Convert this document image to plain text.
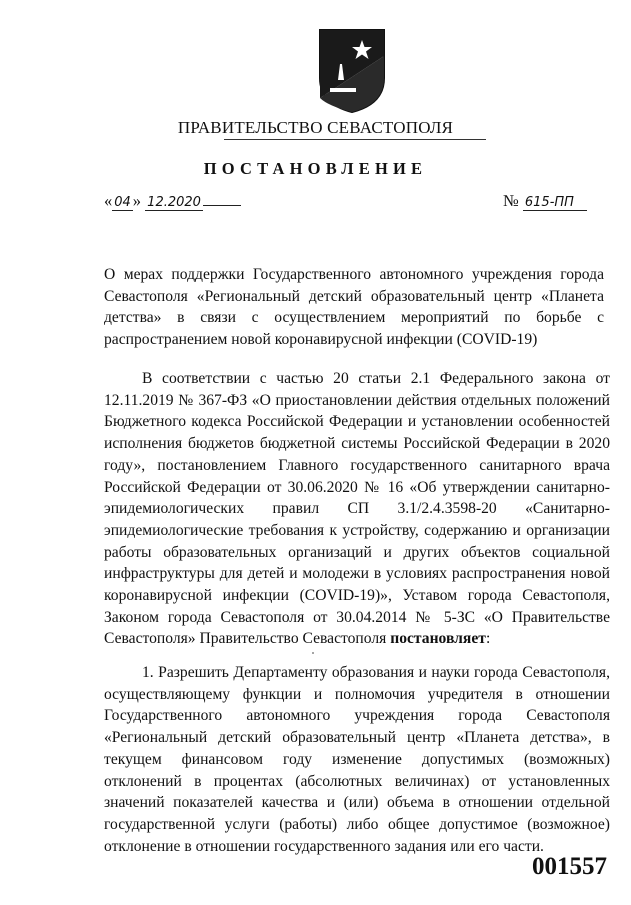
ПРАВИТЕЛЬСТВО СЕВАСТОПОЛЯ
ПОСТАНОВЛЕНИЕ
« 04 » 12.2020	№ 615-ПП
О мерах поддержки Государственного автономного учреждения города Севастополя «Региональный детский образовательный центр «Планета детства» в связи с осуществлением мероприятий по борьбе с распространением новой коронавирусной инфекции (COVID-19)
В соответствии с частью 20 статьи 2.1 Федерального закона от 12.11.2019 № 367-ФЗ «О приостановлении действия отдельных положений Бюджетного кодекса Российской Федерации и установлении особенностей исполнения бюджетов бюджетной системы Российской Федерации в 2020 году», постановлением Главного государственного санитарного врача Российской Федерации от 30.06.2020 № 16 «Об утверждении санитарно-эпидемиологических правил СП 3.1/2.4.3598-20 «Санитарно-эпидемиологические требования к устройству, содержанию и организации работы образовательных организаций и других объектов социальной инфраструктуры для детей и молодежи в условиях распространения новой коронавирусной инфекции (COVID-19)», Уставом города Севастополя, Законом города Севастополя от 30.04.2014 № 5-ЗС «О Правительстве Севастополя» Правительство Севастополя постановляет:
1. Разрешить Департаменту образования и науки города Севастополя, осуществляющему функции и полномочия учредителя в отношении Государственного автономного учреждения города Севастополя «Региональный детский образовательный центр «Планета детства», в текущем финансовом году изменение допустимых (возможных) отклонений в процентах (абсолютных величинах) от установленных значений показателей качества и (или) объема в отношении отдельной государственной услуги (работы) либо общее допустимое (возможное) отклонение в отношении государственного задания или его части.
001557
